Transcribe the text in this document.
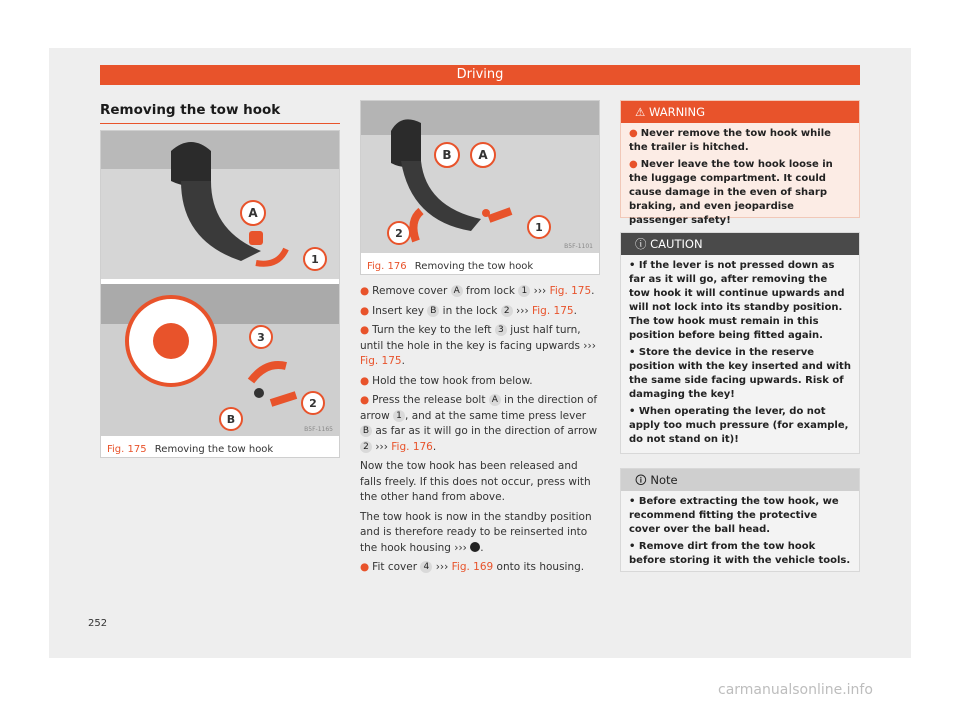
Driving
Removing the tow hook
A
1
3
2
B
B5F-1165
Fig. 175 Removing the tow hook
B A
2	1
B5F-1101
Fig. 176 Removing the tow hook

● Remove cover A from lock 1 ››› Fig. 175.

● Insert key B in the lock 2 ››› Fig. 175.

● Turn the key to the left 3 just half turn, until the hole in the key is facing upwards ››› Fig. 175.

● Hold the tow hook from below.

● Press the release bolt A in the direction of arrow 1 , and at the same time press lever B as far as it will go in the direction of arrow 2 ››› Fig. 176.

Now the tow hook has been released and falls freely. If this does not occur, press with the other hand from above.

The tow hook is now in the standby position and is therefore ready to be reinserted into the hook housing ››› .

● Fit cover 4 ››› Fig. 169 onto its housing.

⚠ WARNING

● Never remove the tow hook while the trailer is hitched.

● Never leave the tow hook loose in the luggage compartment. It could cause damage in the even of sharp braking, and even jeopardise passenger safety!

ⓘ CAUTION

• If the lever is not pressed down as far as it will go, after removing the tow hook it will continue upwards and will not lock into its standby position. The tow hook must remain in this position before being fitted again.

• Store the device in the reserve position with the key inserted and with the same side facing upwards. Risk of damaging the key!

• When operating the lever, do not apply too much pressure (for example, do not stand on it)!

🛈 Note

• Before extracting the tow hook, we recommend fitting the protective cover over the ball head.

• Remove dirt from the tow hook before storing it with the vehicle tools.

252
carmanualsonline.info
